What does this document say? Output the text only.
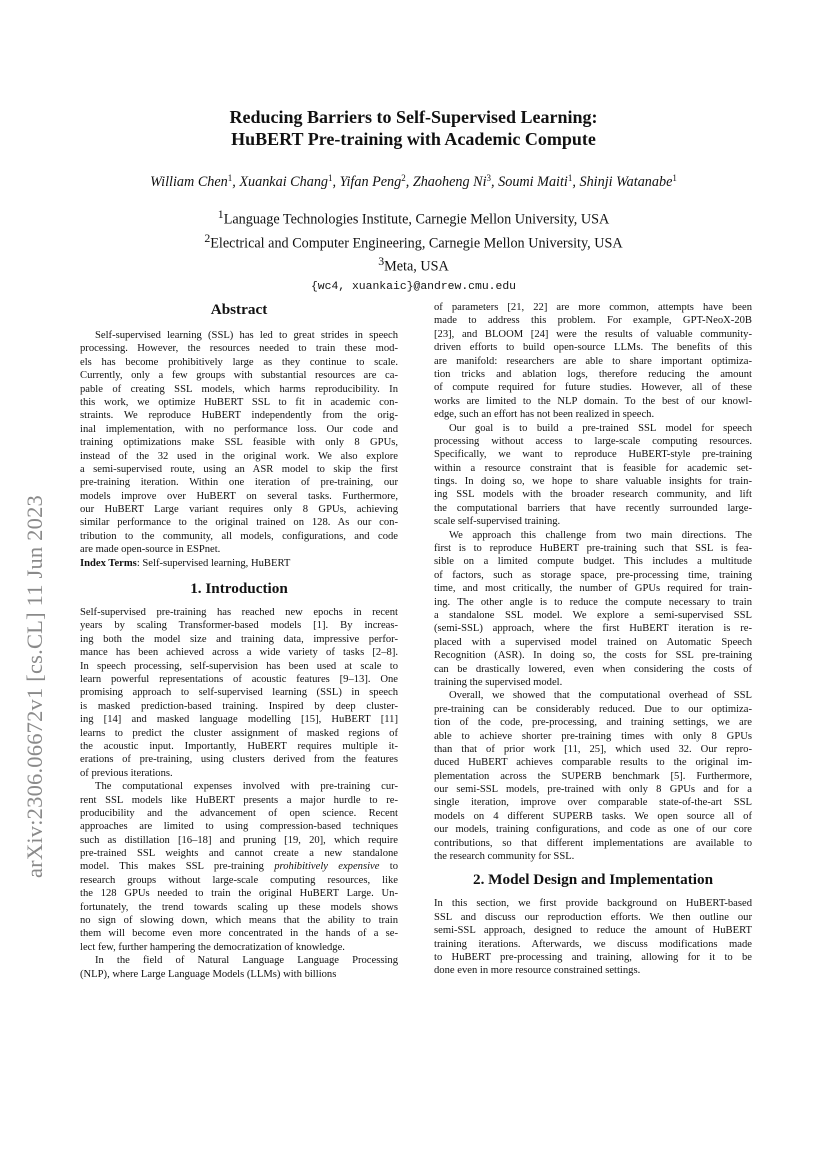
arXiv:2306.06672v1 [cs.CL] 11 Jun 2023
Reducing Barriers to Self-Supervised Learning:
HuBERT Pre-training with Academic Compute
William Chen$^1$, Xuankai Chang$^1$, Yifan Peng$^2$, Zhaoheng Ni$^3$, Soumi Maiti$^1$, Shinji Watanabe$^1$
$^1$Language Technologies Institute, Carnegie Mellon University, USA
$^2$Electrical and Computer Engineering, Carnegie Mellon University, USA
$^3$Meta, USA
{wc4, xuankaic}@andrew.cmu.edu
Abstract
Self-supervised learning (SSL) has led to great strides in speech
processing. However, the resources needed to train these mod-
els has become prohibitively large as they continue to scale.
Currently, only a few groups with substantial resources are ca-
pable of creating SSL models, which harms reproducibility. In
this work, we optimize HuBERT SSL to fit in academic con-
straints. We reproduce HuBERT independently from the orig-
inal implementation, with no performance loss. Our code and
training optimizations make SSL feasible with only 8 GPUs,
instead of the 32 used in the original work. We also explore
a semi-supervised route, using an ASR model to skip the first
pre-training iteration. Within one iteration of pre-training, our
models improve over HuBERT on several tasks. Furthermore,
our HuBERT Large variant requires only 8 GPUs, achieving
similar performance to the original trained on 128. As our con-
tribution to the community, all models, configurations, and code
are made open-source in ESPnet.
Index Terms: Self-supervised learning, HuBERT
1. Introduction
Self-supervised pre-training has reached new epochs in recent
years by scaling Transformer-based models [1]. By increas-
ing both the model size and training data, impressive perfor-
mance has been achieved across a wide variety of tasks [2–8].
In speech processing, self-supervision has been used at scale to
learn powerful representations of acoustic features [9–13]. One
promising approach to self-supervised learning (SSL) in speech
is masked prediction-based training. Inspired by deep cluster-
ing [14] and masked language modelling [15], HuBERT [11]
learns to predict the cluster assignment of masked regions of
the acoustic input. Importantly, HuBERT requires multiple it-
erations of pre-training, using clusters derived from the features
of previous iterations.
The computational expenses involved with pre-training cur-
rent SSL models like HuBERT presents a major hurdle to re-
producibility and the advancement of open science. Recent
approaches are limited to using compression-based techniques
such as distillation [16–18] and pruning [19, 20], which require
pre-trained SSL weights and cannot create a new standalone
model. This makes SSL pre-training prohibitively expensive to
research groups without large-scale computing resources, like
the 128 GPUs needed to train the original HuBERT Large. Un-
fortunately, the trend towards scaling up these models shows
no sign of slowing down, which means that the ability to train
them will become even more concentrated in the hands of a se-
lect few, further hampering the democratization of knowledge.
In the field of Natural Language Language Processing
(NLP), where Large Language Models (LLMs) with billions
of parameters [21, 22] are more common, attempts have been
made to address this problem. For example, GPT-NeoX-20B
[23], and BLOOM [24] were the results of valuable community-
driven efforts to build open-source LLMs. The benefits of this
are manifold: researchers are able to share important optimiza-
tion tricks and ablation logs, therefore reducing the amount
of compute required for future studies. However, all of these
works are limited to the NLP domain. To the best of our knowl-
edge, such an effort has not been realized in speech.
Our goal is to build a pre-trained SSL model for speech
processing without access to large-scale computing resources.
Specifically, we want to reproduce HuBERT-style pre-training
within a resource constraint that is feasible for academic set-
tings. In doing so, we hope to share valuable insights for train-
ing SSL models with the broader research community, and lift
the computational barriers that have recently surrounded large-
scale self-supervised training.
We approach this challenge from two main directions. The
first is to reproduce HuBERT pre-training such that SSL is fea-
sible on a limited compute budget. This includes a multitude
of factors, such as storage space, pre-processing time, training
time, and most critically, the number of GPUs required for train-
ing. The other angle is to reduce the compute necessary to train
a standalone SSL model. We explore a semi-supervised SSL
(semi-SSL) approach, where the first HuBERT iteration is re-
placed with a supervised model trained on Automatic Speech
Recognition (ASR). In doing so, the costs for SSL pre-training
can be drastically lowered, even when considering the costs of
training the supervised model.
Overall, we showed that the computational overhead of SSL
pre-training can be considerably reduced. Due to our optimiza-
tion of the code, pre-processing, and training settings, we are
able to achieve shorter pre-training times with only 8 GPUs
than that of prior work [11, 25], which used 32. Our repro-
duced HuBERT achieves comparable results to the original im-
plementation across the SUPERB benchmark [5]. Furthermore,
our semi-SSL models, pre-trained with only 8 GPUs and for a
single iteration, improve over comparable state-of-the-art SSL
models on 4 different SUPERB tasks. We open source all of
our models, training configurations, and code as one of our core
contributions, so that different implementations are available to
the research community for SSL.
2. Model Design and Implementation
In this section, we first provide background on HuBERT-based
SSL and discuss our reproduction efforts. We then outline our
semi-SSL approach, designed to reduce the amount of HuBERT
training iterations. Afterwards, we discuss modifications made
to HuBERT pre-processing and training, allowing for it to be
done even in more resource constrained settings.
